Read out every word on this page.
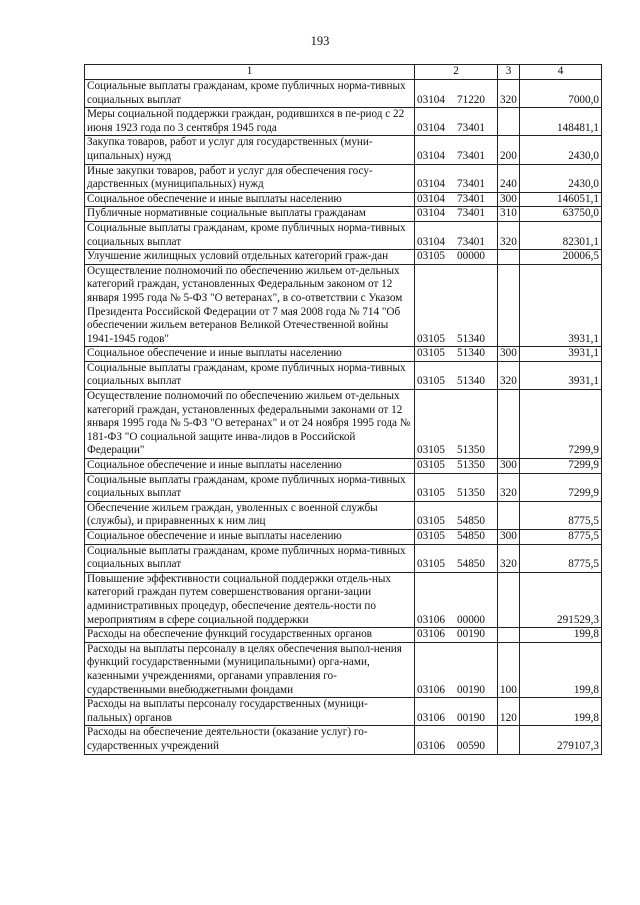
193
1	2	3	4
Социальные выплаты гражданам, кроме публичных норма-тивных социальных выплат	03104 71220	320	7000,0
Меры социальной поддержки граждан, родившихся в пе-риод с 22 июня 1923 года по 3 сентября 1945 года	03104 73401		148481,1
Закупка товаров, работ и услуг для государственных (муни-ципальных) нужд	03104 73401	200	2430,0
Иные закупки товаров, работ и услуг для обеспечения госу-дарственных (муниципальных) нужд	03104 73401	240	2430,0
Социальное обеспечение и иные выплаты населению	03104 73401	300	146051,1
Публичные нормативные социальные выплаты гражданам	03104 73401	310	63750,0
Социальные выплаты гражданам, кроме публичных норма-тивных социальных выплат	03104 73401	320	82301,1
Улучшение жилищных условий отдельных категорий граж-дан	03105 00000		20006,5
Осуществление полномочий по обеспечению жильем от-дельных категорий граждан, установленных Федеральным законом от 12 января 1995 года № 5-ФЗ "О ветеранах", в со-ответствии с Указом Президента Российской Федерации от 7 мая 2008 года № 714 "Об обеспечении жильем ветеранов Великой Отечественной войны 1941-1945 годов"	03105 51340		3931,1
Социальное обеспечение и иные выплаты населению	03105 51340	300	3931,1
Социальные выплаты гражданам, кроме публичных норма-тивных социальных выплат	03105 51340	320	3931,1
Осуществление полномочий по обеспечению жильем от-дельных категорий граждан, установленных федеральными законами от 12 января 1995 года № 5-ФЗ "О ветеранах" и от 24 ноября 1995 года № 181-ФЗ "О социальной защите инва-лидов в Российской Федерации"	03105 51350		7299,9
Социальное обеспечение и иные выплаты населению	03105 51350	300	7299,9
Социальные выплаты гражданам, кроме публичных норма-тивных социальных выплат	03105 51350	320	7299,9
Обеспечение жильем граждан, уволенных с военной службы (службы), и приравненных к ним лиц	03105 54850		8775,5
Социальное обеспечение и иные выплаты населению	03105 54850	300	8775,5
Социальные выплаты гражданам, кроме публичных норма-тивных социальных выплат	03105 54850	320	8775,5
Повышение эффективности социальной поддержки отдель-ных категорий граждан путем совершенствования органи-зации административных процедур, обеспечение деятель-ности по мероприятиям в сфере социальной поддержки	03106 00000		291529,3
Расходы на обеспечение функций государственных органов	03106 00190		199,8
Расходы на выплаты персоналу в целях обеспечения выпол-нения функций государственными (муниципальными) орга-нами, казенными учреждениями, органами управления го-сударственными внебюджетными фондами	03106 00190	100	199,8
Расходы на выплаты персоналу государственных (муници-пальных) органов	03106 00190	120	199,8
Расходы на обеспечение деятельности (оказание услуг) го-сударственных учреждений	03106 00590		279107,3
